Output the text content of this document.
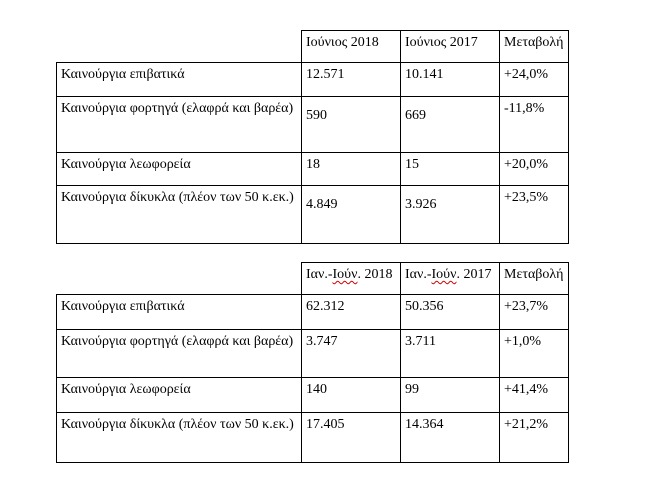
	Ιούνιος 2018	Ιούνιος 2017	Μεταβολή
Καινούργια επιβατικά	12.571	10.141	+24,0%
Καινούργια φορτηγά (ελαφρά και βαρέα)	590	669	-11,8%
Καινούργια λεωφορεία	18	15	+20,0%
Καινούργια δίκυκλα (πλέον των 50 κ.εκ.)	4.849	3.926	+23,5%
	Ιαν.-Ιούν. 2018	Ιαν.-Ιούν. 2017	Μεταβολή
Καινούργια επιβατικά	62.312	50.356	+23,7%
Καινούργια φορτηγά (ελαφρά και βαρέα)	3.747	3.711	+1,0%
Καινούργια λεωφορεία	140	99	+41,4%
Καινούργια δίκυκλα (πλέον των 50 κ.εκ.)	17.405	14.364	+21,2%
